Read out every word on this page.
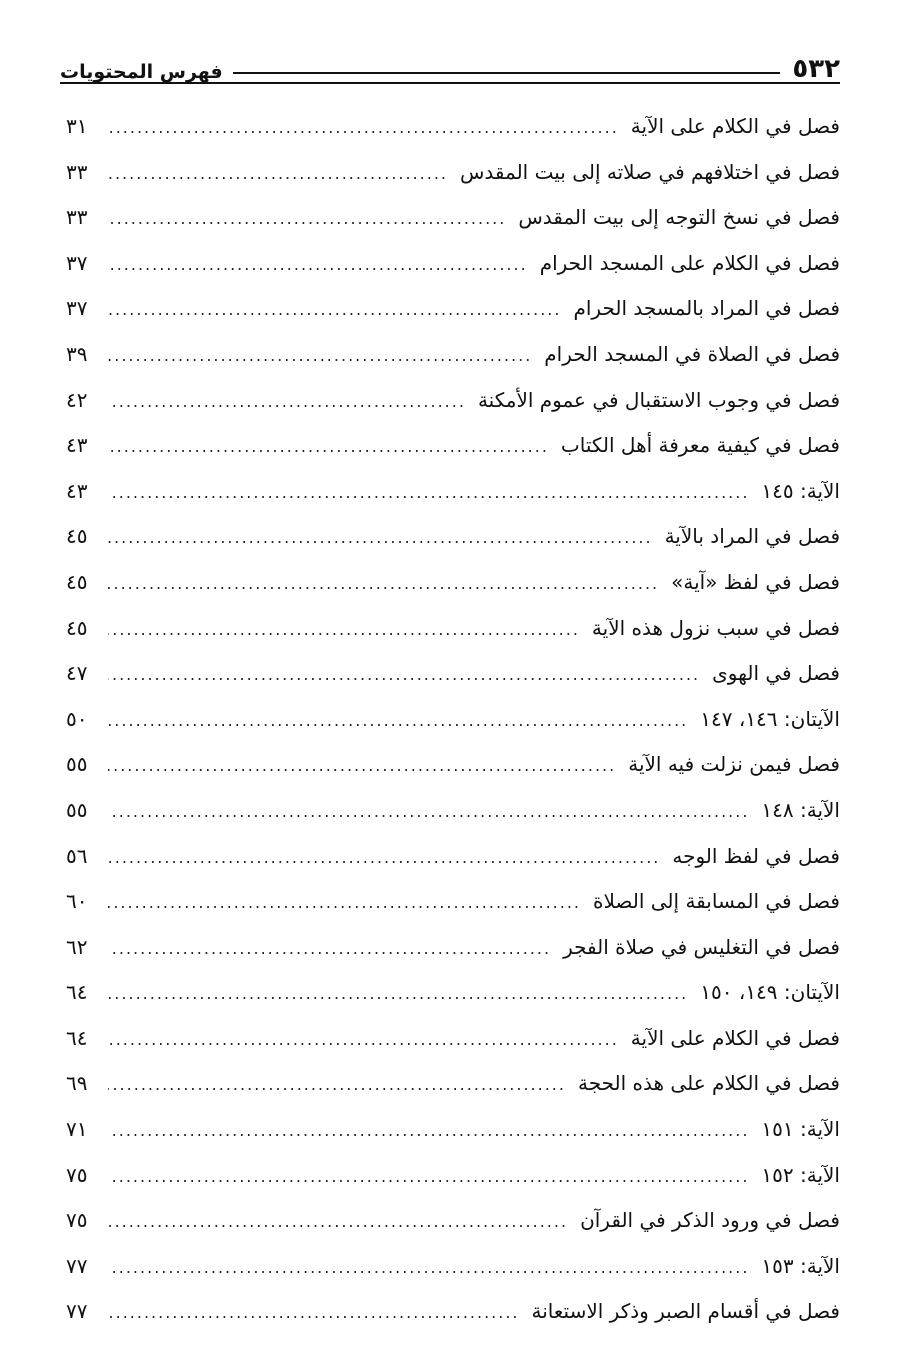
٥٣٢
فهرس المحتويات
فصل في الكلام على الآية
.....
٣١
فصل في اختلافهم في صلاته إلى بيت المقدس
.....
٣٣
فصل في نسخ التوجه إلى بيت المقدس
.....
٣٣
فصل في الكلام على المسجد الحرام
.....
٣٧
فصل في المراد بالمسجد الحرام
.....
٣٧
فصل في الصلاة في المسجد الحرام
.....
٣٩
فصل في وجوب الاستقبال في عموم الأمكنة
.....
٤٢
فصل في كيفية معرفة أهل الكتاب
.....
٤٣
الآية: ١٤٥
.....
٤٣
فصل في المراد بالآية
.....
٤٥
فصل في لفظ «آية»
.....
٤٥
فصل في سبب نزول هذه الآية
.....
٤٥
فصل في الهوى
.....
٤٧
الآيتان: ١٤٦، ١٤٧
.....
٥٠
فصل فيمن نزلت فيه الآية
.....
٥٥
الآية: ١٤٨
.....
٥٥
فصل في لفظ الوجه
.....
٥٦
فصل في المسابقة إلى الصلاة
.....
٦٠
فصل في التغليس في صلاة الفجر
.....
٦٢
الآيتان: ١٤٩، ١٥٠
.....
٦٤
فصل في الكلام على الآية
.....
٦٤
فصل في الكلام على هذه الحجة
.....
٦٩
الآية: ١٥١
.....
٧١
الآية: ١٥٢
.....
٧٥
فصل في ورود الذكر في القرآن
.....
٧٥
الآية: ١٥٣
.....
٧٧
فصل في أقسام الصبر وذكر الاستعانة
.....
٧٧
